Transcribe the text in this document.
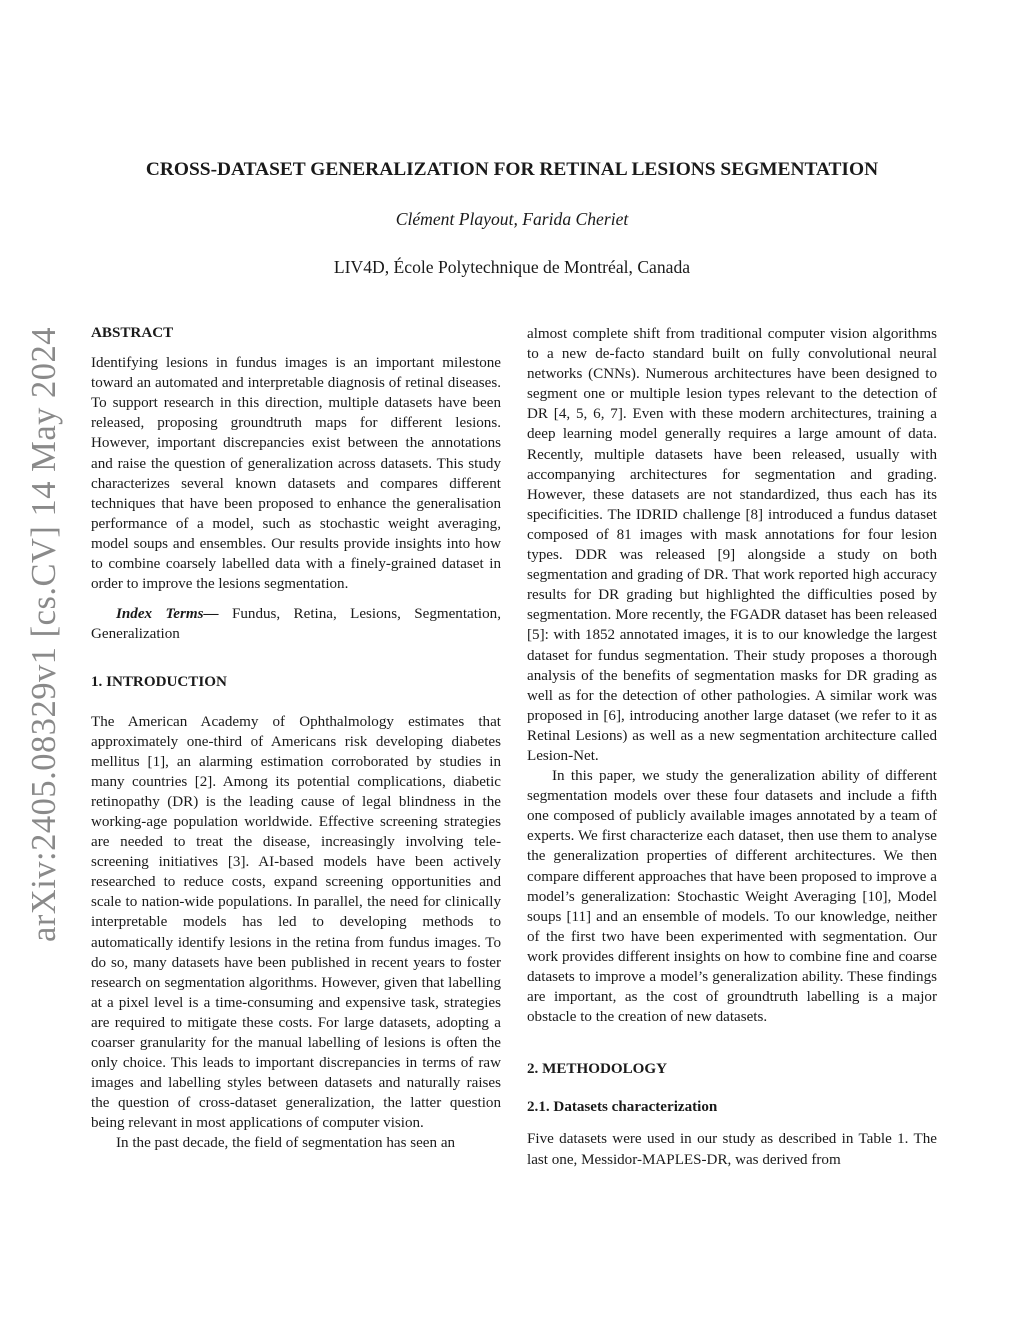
arXiv:2405.08329v1 [cs.CV] 14 May 2024
CROSS-DATASET GENERALIZATION FOR RETINAL LESIONS SEGMENTATION
Clément Playout, Farida Cheriet
LIV4D, École Polytechnique de Montréal, Canada

ABSTRACT

Identifying lesions in fundus images is an important milestone toward an automated and interpretable diagnosis of retinal diseases. To support research in this direction, multiple datasets have been released, proposing groundtruth maps for different lesions. However, important discrepancies exist between the annotations and raise the question of generalization across datasets. This study characterizes several known datasets and compares different techniques that have been proposed to enhance the generalisation performance of a model, such as stochastic weight averaging, model soups and ensembles. Our results provide insights into how to combine coarsely labelled data with a finely-grained dataset in order to improve the lesions segmentation.

Index Terms— Fundus, Retina, Lesions, Segmentation, Generalization

1. INTRODUCTION

The American Academy of Ophthalmology estimates that approximately one-third of Americans risk developing diabetes mellitus [1], an alarming estimation corroborated by studies in many countries [2]. Among its potential complications, diabetic retinopathy (DR) is the leading cause of legal blindness in the working-age population worldwide. Effective screening strategies are needed to treat the disease, increasingly involving tele-screening initiatives [3]. AI-based models have been actively researched to reduce costs, expand screening opportunities and scale to nation-wide populations. In parallel, the need for clinically interpretable models has led to developing methods to automatically identify lesions in the retina from fundus images. To do so, many datasets have been published in recent years to foster research on segmentation algorithms. However, given that labelling at a pixel level is a time-consuming and expensive task, strategies are required to mitigate these costs. For large datasets, adopting a coarser granularity for the manual labelling of lesions is often the only choice. This leads to important discrepancies in terms of raw images and labelling styles between datasets and naturally raises the question of cross-dataset generalization, the latter question being relevant in most applications of computer vision.

In the past decade, the field of segmentation has seen an

almost complete shift from traditional computer vision algorithms to a new de-facto standard built on fully convolutional neural networks (CNNs). Numerous architectures have been designed to segment one or multiple lesion types relevant to the detection of DR [4, 5, 6, 7]. Even with these modern architectures, training a deep learning model generally requires a large amount of data. Recently, multiple datasets have been released, usually with accompanying architectures for segmentation and grading. However, these datasets are not standardized, thus each has its specificities. The IDRID challenge [8] introduced a fundus dataset composed of 81 images with mask annotations for four lesion types. DDR was released [9] alongside a study on both segmentation and grading of DR. That work reported high accuracy results for DR grading but highlighted the difficulties posed by segmentation. More recently, the FGADR dataset has been released [5]: with 1852 annotated images, it is to our knowledge the largest dataset for fundus segmentation. Their study proposes a thorough analysis of the benefits of segmentation masks for DR grading as well as for the detection of other pathologies. A similar work was proposed in [6], introducing another large dataset (we refer to it as Retinal Lesions) as well as a new segmentation architecture called Lesion-Net.

In this paper, we study the generalization ability of different segmentation models over these four datasets and include a fifth one composed of publicly available images annotated by a team of experts. We first characterize each dataset, then use them to analyse the generalization properties of different architectures. We then compare different approaches that have been proposed to improve a model’s generalization: Stochastic Weight Averaging [10], Model soups [11] and an ensemble of models. To our knowledge, neither of the first two have been experimented with segmentation. Our work provides different insights on how to combine fine and coarse datasets to improve a model’s generalization ability. These findings are important, as the cost of groundtruth labelling is a major obstacle to the creation of new datasets.

2. METHODOLOGY

2.1. Datasets characterization

Five datasets were used in our study as described in Table 1. The last one, Messidor-MAPLES-DR, was derived from
